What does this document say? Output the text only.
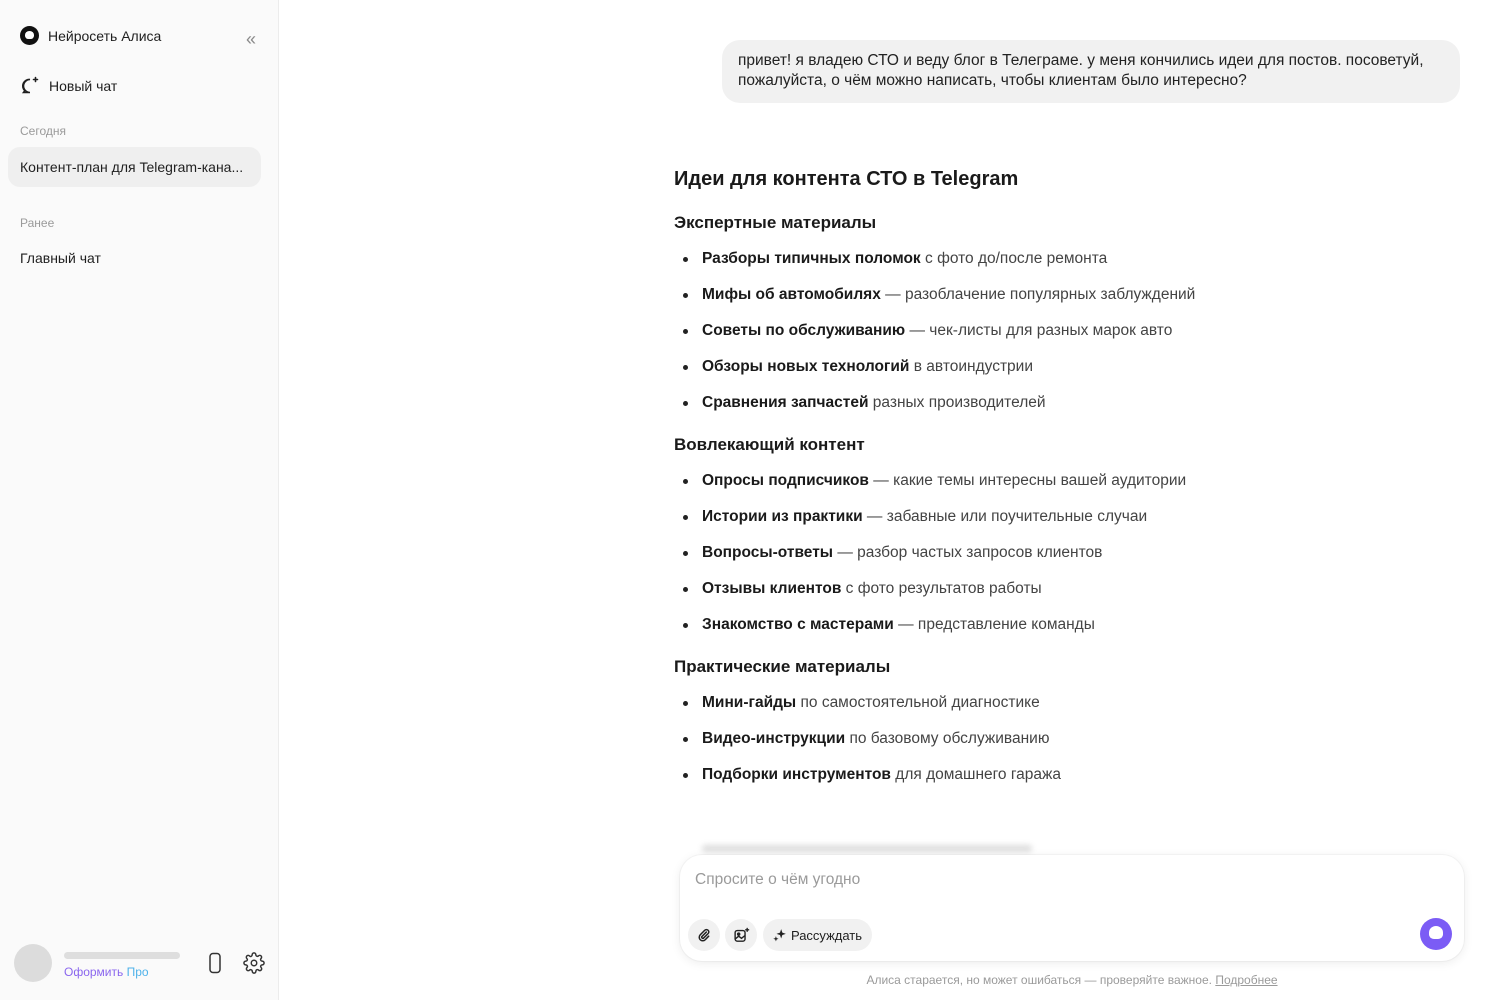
Нейросеть Алиса	«
Новый чат
Сегодня
Контент-план для Telegram-кана...
Ранее
Главный чат
Оформить Про
привет! я владею СТО и веду блог в Телеграме. у меня кончились идеи для постов. посоветуй, пожалуйста, о чём можно написать, чтобы клиентам было интересно?
Идеи для контента СТО в Telegram
Экспертные материалы
Разборы типичных поломок с фото до/после ремонта
Мифы об автомобилях — разоблачение популярных заблуждений
Советы по обслуживанию — чек-листы для разных марок авто
Обзоры новых технологий в автоиндустрии
Сравнения запчастей разных производителей
Вовлекающий контент
Опросы подписчиков — какие темы интересны вашей аудитории
Истории из практики — забавные или поучительные случаи
Вопросы-ответы — разбор частых запросов клиентов
Отзывы клиентов с фото результатов работы
Знакомство с мастерами — представление команды
Практические материалы
Мини-гайды по самостоятельной диагностике
Видео-инструкции по базовому обслуживанию
Подборки инструментов для домашнего гаража
Спросите о чём угодно
Рассуждать
Алиса старается, но может ошибаться — проверяйте важное. Подробнее
